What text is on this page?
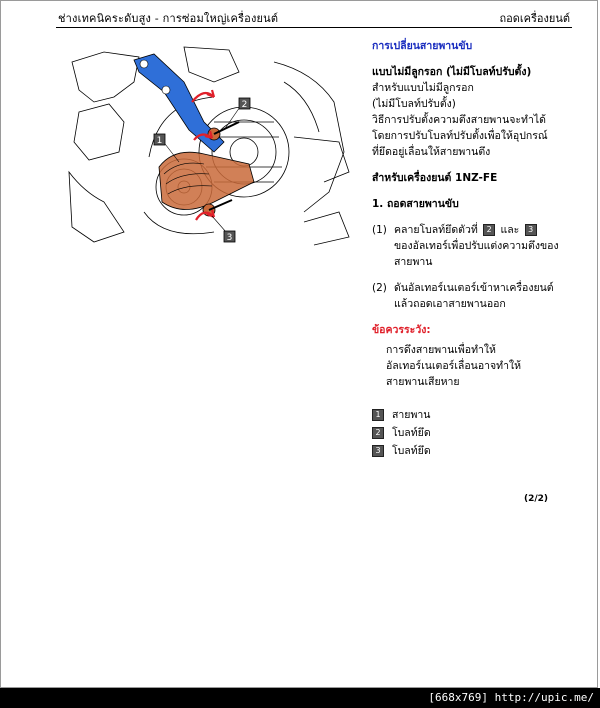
ช่างเทคนิคระดับสูง - การซ่อมใหญ่เครื่องยนต์	ถอดเครื่องยนต์
1
2
3
การเปลี่ยนสายพานขับ

แบบไม่มีลูกรอก (ไม่มีโบลท์ปรับตั้ง)

สำหรับแบบไม่มีลูกรอก

(ไม่มีโบลท์ปรับตั้ง)

วิธีการปรับตั้งความตึงสายพานจะทำได้

โดยการปรับโบลท์ปรับตั้งเพื่อให้อุปกรณ์

ที่ยึดอยู่เลื่อนให้สายพานตึง

สำหรับเครื่องยนต์ 1NZ-FE

1. ถอดสายพานขับ

(1) คลายโบลท์ยึดตัวที่ 2 และ 3

ของอัลเทอร์เพื่อปรับแต่งความตึงของ

สายพาน

(2) ดันอัลเทอร์เนเตอร์เข้าหาเครื่องยนต์

แล้วถอดเอาสายพานออก

ข้อควรระวัง:

การดึงสายพานเพื่อทำให้

อัลเทอร์เนเตอร์เลื่อนอาจทำให้

สายพานเสียหาย

1	สายพาน
2	โบลท์ยึด
3	โบลท์ยึด
(2/2)
[668x769] http://upic.me/
